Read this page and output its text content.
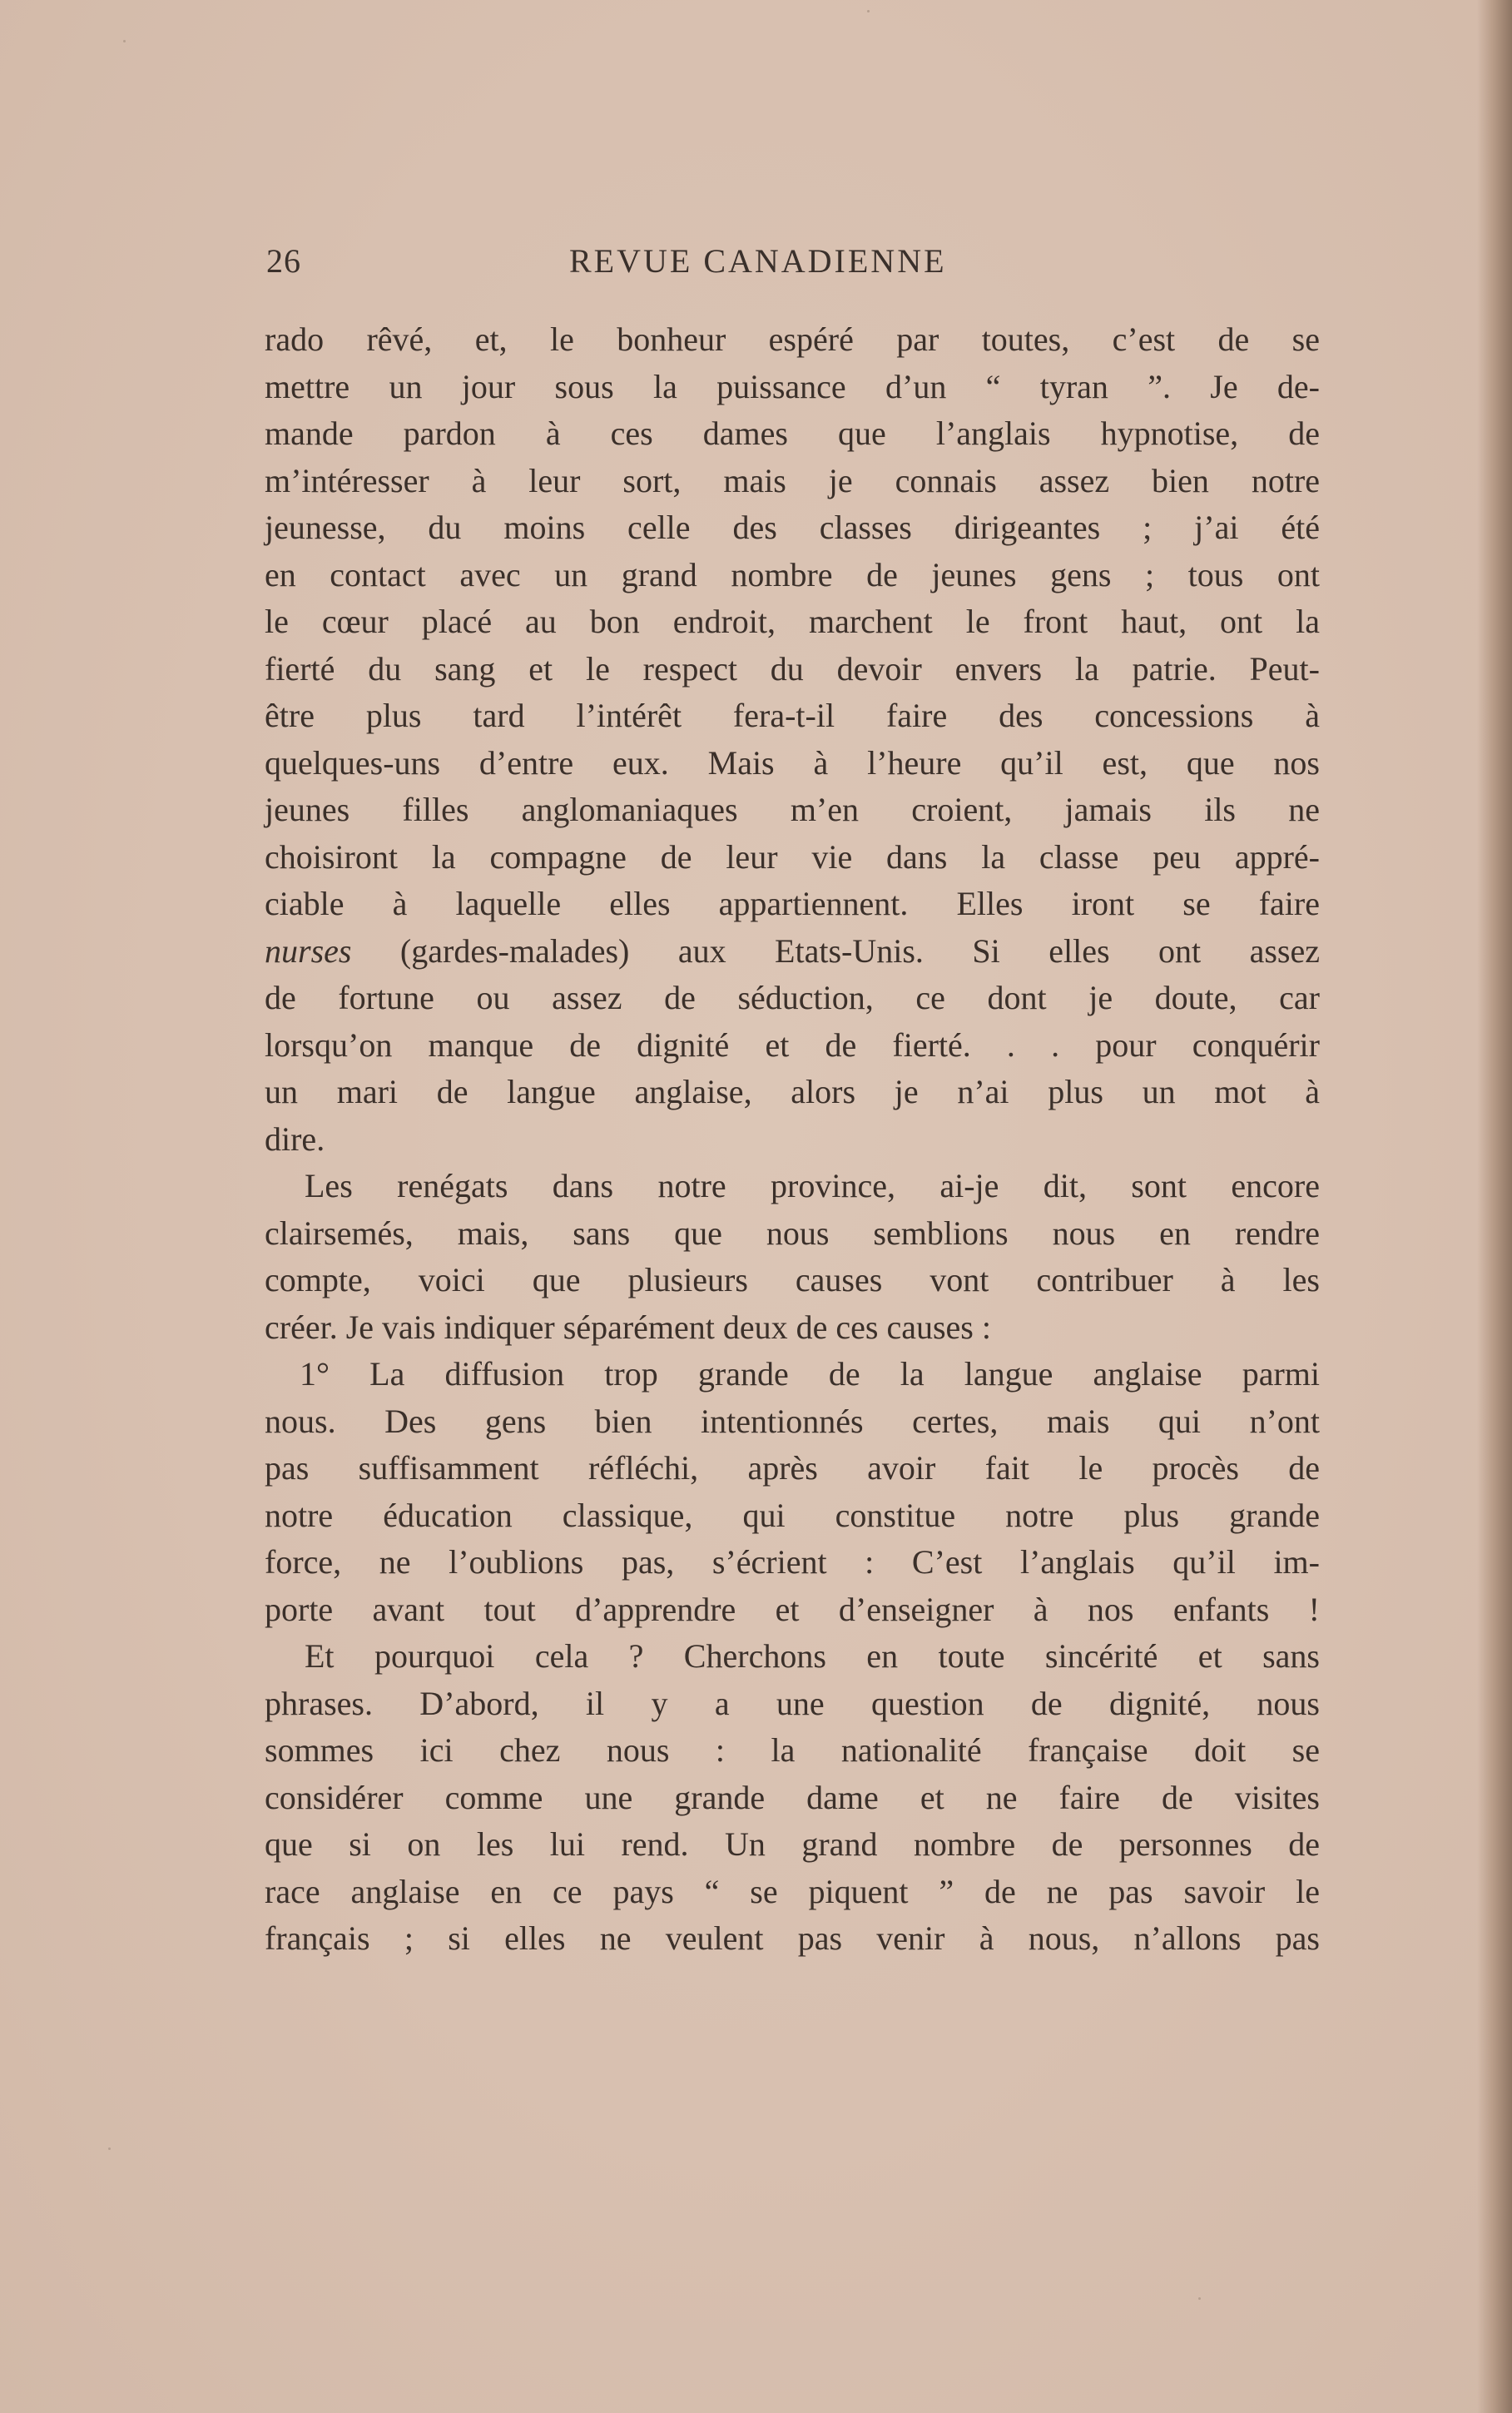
26	REVUE CANADIENNE
rado rêvé, et, le bonheur espéré par toutes, c’est de se
mettre un jour sous la puissance d’un “ tyran ”. Je de-
mande pardon à ces dames que l’anglais hypnotise, de
m’intéresser à leur sort, mais je connais assez bien notre
jeunesse, du moins celle des classes dirigeantes ; j’ai été
en contact avec un grand nombre de jeunes gens ; tous ont
le cœur placé au bon endroit, marchent le front haut, ont la
fierté du sang et le respect du devoir envers la patrie. Peut-
être plus tard l’intérêt fera-t-il faire des concessions à
quelques-uns d’entre eux. Mais à l’heure qu’il est, que nos
jeunes filles anglomaniaques m’en croient, jamais ils ne
choisiront la compagne de leur vie dans la classe peu appré-
ciable à laquelle elles appartiennent. Elles iront se faire
nurses (gardes-malades) aux Etats-Unis. Si elles ont assez
de fortune ou assez de séduction, ce dont je doute, car
lorsqu’on manque de dignité et de fierté. . . pour conquérir
un mari de langue anglaise, alors je n’ai plus un mot à
dire.
Les renégats dans notre province, ai-je dit, sont encore
clairsemés, mais, sans que nous semblions nous en rendre
compte, voici que plusieurs causes vont contribuer à les
créer. Je vais indiquer séparément deux de ces causes :
1° La diffusion trop grande de la langue anglaise parmi
nous. Des gens bien intentionnés certes, mais qui n’ont
pas suffisamment réfléchi, après avoir fait le procès de
notre éducation classique, qui constitue notre plus grande
force, ne l’oublions pas, s’écrient : C’est l’anglais qu’il im-
porte avant tout d’apprendre et d’enseigner à nos enfants !
Et pourquoi cela ? Cherchons en toute sincérité et sans
phrases. D’abord, il y a une question de dignité, nous
sommes ici chez nous : la nationalité française doit se
considérer comme une grande dame et ne faire de visites
que si on les lui rend. Un grand nombre de personnes de
race anglaise en ce pays “ se piquent ” de ne pas savoir le
français ; si elles ne veulent pas venir à nous, n’allons pas
